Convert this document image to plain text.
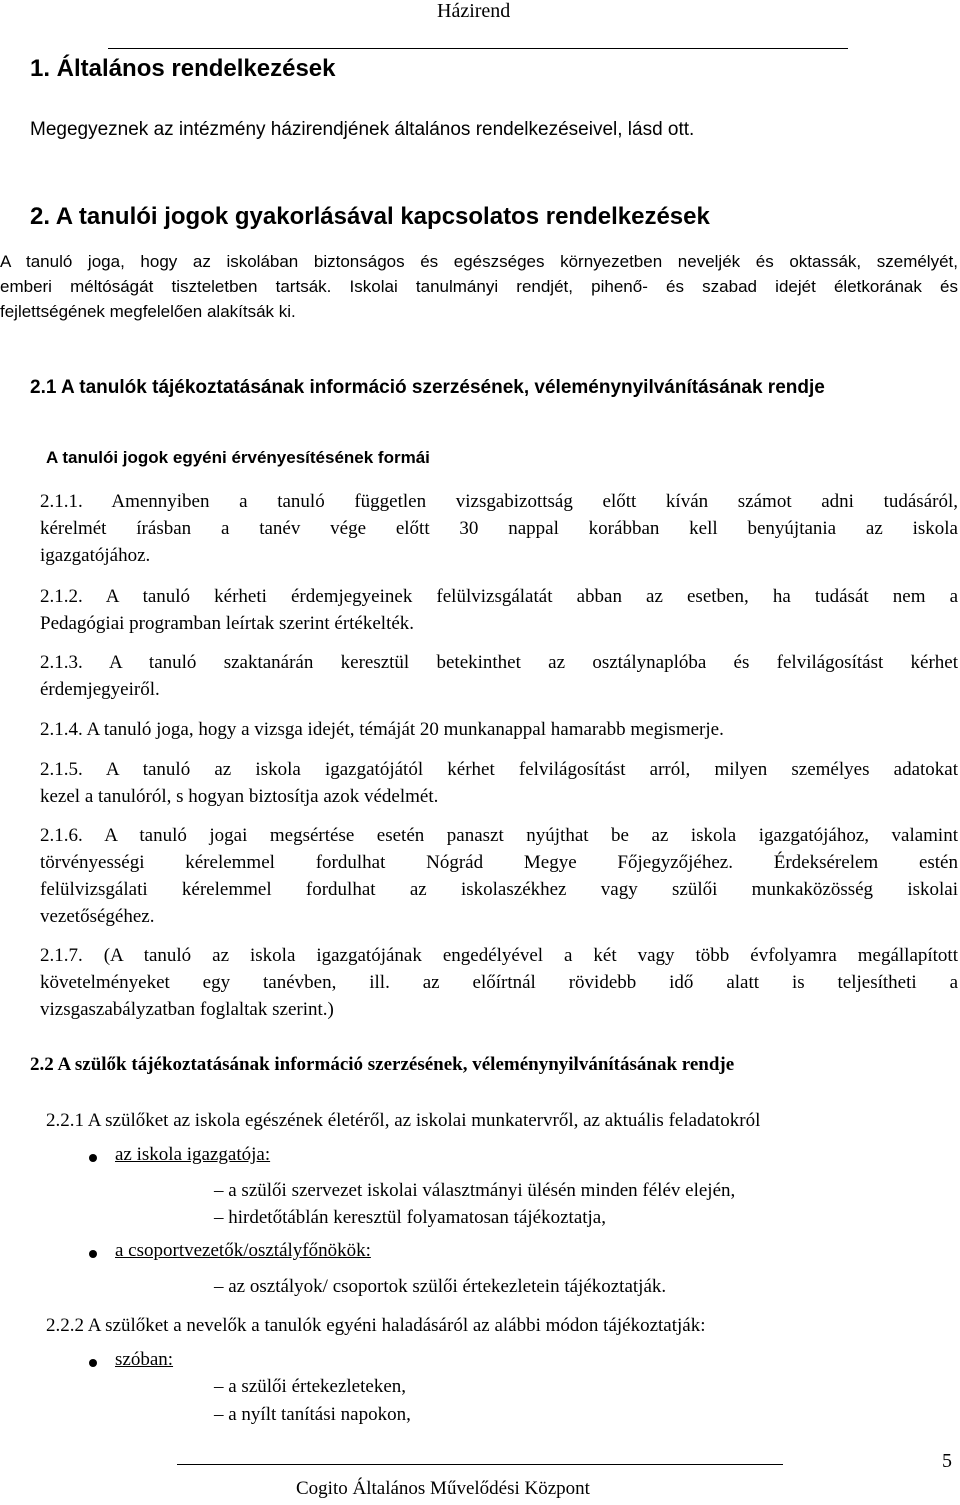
Házirend
1. Általános rendelkezések
Megegyeznek az intézmény házirendjének általános rendelkezéseivel, lásd ott.
2. A tanulói jogok gyakorlásával kapcsolatos rendelkezések
A tanuló joga, hogy az iskolában biztonságos és egészséges környezetben neveljék és oktassák, személyét,
emberi méltóságát tiszteletben tartsák. Iskolai tanulmányi rendjét, pihenő- és szabad idejét életkorának és
fejlettségének megfelelően alakítsák ki.
2.1 A tanulók tájékoztatásának információ szerzésének, véleménynyilvánításának rendje
A tanulói jogok egyéni érvényesítésének formái
2.1.1. Amennyiben a tanuló független vizsgabizottság előtt kíván számot adni tudásáról,
kérelmét írásban a tanév vége előtt 30 nappal korábban kell benyújtania az iskola
igazgatójához.
2.1.2. A tanuló kérheti érdemjegyeinek felülvizsgálatát abban az esetben, ha tudását nem a
Pedagógiai programban leírtak szerint értékelték.
2.1.3. A tanuló szaktanárán keresztül betekinthet az osztálynaplóba és felvilágosítást kérhet
érdemjegyeiről.
2.1.4. A tanuló joga, hogy a vizsga idejét, témáját 20 munkanappal hamarabb megismerje.
2.1.5. A tanuló az iskola igazgatójától kérhet felvilágosítást arról, milyen személyes adatokat
kezel a tanulóról, s hogyan biztosítja azok védelmét.
2.1.6. A tanuló jogai megsértése esetén panaszt nyújthat be az iskola igazgatójához, valamint
törvényességi kérelemmel fordulhat Nógrád Megye Főjegyzőjéhez. Érdeksérelem estén
felülvizsgálati kérelemmel fordulhat az iskolaszékhez vagy szülői munkaközösség iskolai
vezetőségéhez.
2.1.7. (A tanuló az iskola igazgatójának engedélyével a két vagy több évfolyamra megállapított
követelményeket egy tanévben, ill. az előírtnál rövidebb idő alatt is teljesítheti a
vizsgaszabályzatban foglaltak szerint.)
2.2 A szülők tájékoztatásának információ szerzésének, véleménynyilvánításának rendje
2.2.1 A szülőket az iskola egészének életéről, az iskolai munkatervről, az aktuális feladatokról
az iskola igazgatója:
– a szülői szervezet iskolai választmányi ülésén minden félév elején,
– hirdetőtáblán keresztül folyamatosan tájékoztatja,
a csoportvezetők/osztályfőnökök:
– az osztályok/ csoportok szülői értekezletein tájékoztatják.
2.2.2 A szülőket a nevelők a tanulók egyéni haladásáról az alábbi módon tájékoztatják:
szóban:
– a szülői értekezleteken,
– a nyílt tanítási napokon,
Cogito Általános Művelődési Központ
5
